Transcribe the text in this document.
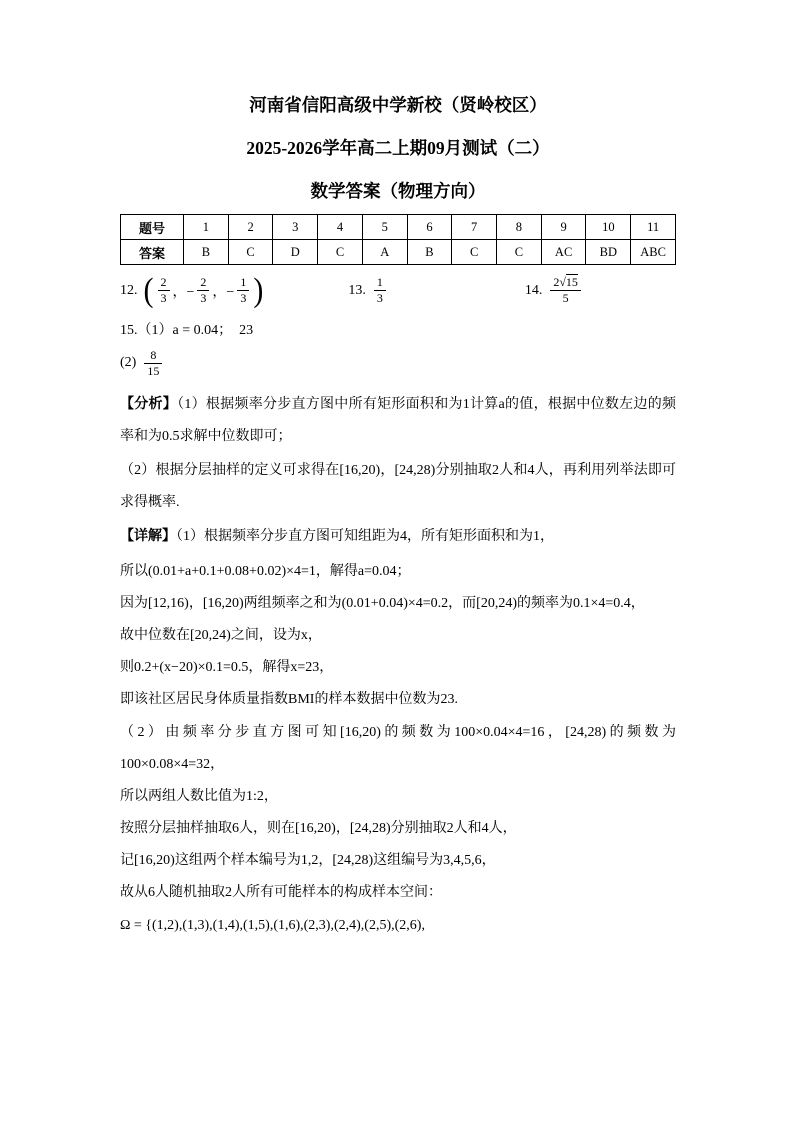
河南省信阳高级中学新校（贤岭校区）

2025-2026学年高二上期09月测试（二）

数学答案（物理方向）

题号	1	2	3	4	5	6	7	8	9	10	11
答案	B	C	D	C	A	B	C	C	AC	BD	ABC
12. ( $\frac{2}{3}$ ，− $\frac{2}{3}$ ，− $\frac{1}{3}$ )	13. $\frac{1}{3}$	14. $\frac{2√15}{5}$

15.（1）a = 0.04；  23

$(2) \frac{8}{15}$

【分析】（1）根据频率分步直方图中所有矩形面积和为1计算a的值，根据中位数左边的频率和为0.5求解中位数即可；

（2）根据分层抽样的定义可求得在[16,20)，[24,28)分别抽取2人和4人，再利用列举法即可求得概率.

【详解】（1）根据频率分步直方图可知组距为4，所有矩形面积和为1，

所以(0.01+a+0.1+0.08+0.02)×4=1，解得a=0.04；

因为[12,16)，[16,20)两组频率之和为(0.01+0.04)×4=0.2，而[20,24)的频率为0.1×4=0.4，

故中位数在[20,24)之间，设为x，

则0.2+(x−20)×0.1=0.5，解得x=23，

即该社区居民身体质量指数BMI的样本数据中位数为23.

（2）由频率分步直方图可知[16,20)的频数为100×0.04×4=16，[24,28)的频数为100×0.08×4=32，

所以两组人数比值为1:2，

按照分层抽样抽取6人，则在[16,20)，[24,28)分别抽取2人和4人，

记[16,20)这组两个样本编号为1,2，[24,28)这组编号为3,4,5,6，

故从6人随机抽取2人所有可能样本的构成样本空间：

Ω = {(1,2),(1,3),(1,4),(1,5),(1,6),(2,3),(2,4),(2,5),(2,6),
